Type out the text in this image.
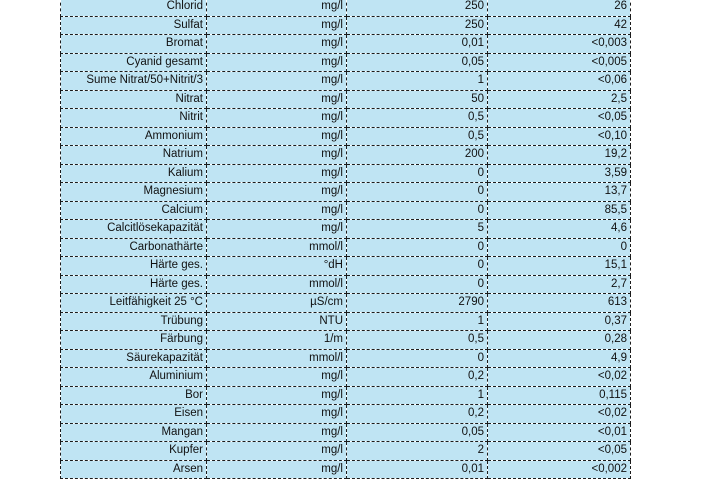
Chlorid	mg/l	250	26
Sulfat	mg/l	250	42
Bromat	mg/l	0,01	<0,003
Cyanid gesamt	mg/l	0,05	<0,005
Sume Nitrat/50+Nitrit/3	mg/l	1	<0,06
Nitrat	mg/l	50	2,5
Nitrit	mg/l	0,5	<0,05
Ammonium	mg/l	0,5	<0,10
Natrium	mg/l	200	19,2
Kalium	mg/l	0	3,59
Magnesium	mg/l	0	13,7
Calcium	mg/l	0	85,5
Calcitlösekapazität	mg/l	5	4,6
Carbonathärte	mmol/l	0	0
Härte ges.	°dH	0	15,1
Härte ges.	mmol/l	0	2,7
Leitfähigkeit 25 °C	µS/cm	2790	613
Trübung	NTU	1	0,37
Färbung	1/m	0,5	0,28
Säurekapazität	mmol/l	0	4,9
Aluminium	mg/l	0,2	<0,02
Bor	mg/l	1	0,115
Eisen	mg/l	0,2	<0,02
Mangan	mg/l	0,05	<0,01
Kupfer	mg/l	2	<0,05
Arsen	mg/l	0,01	<0,002
